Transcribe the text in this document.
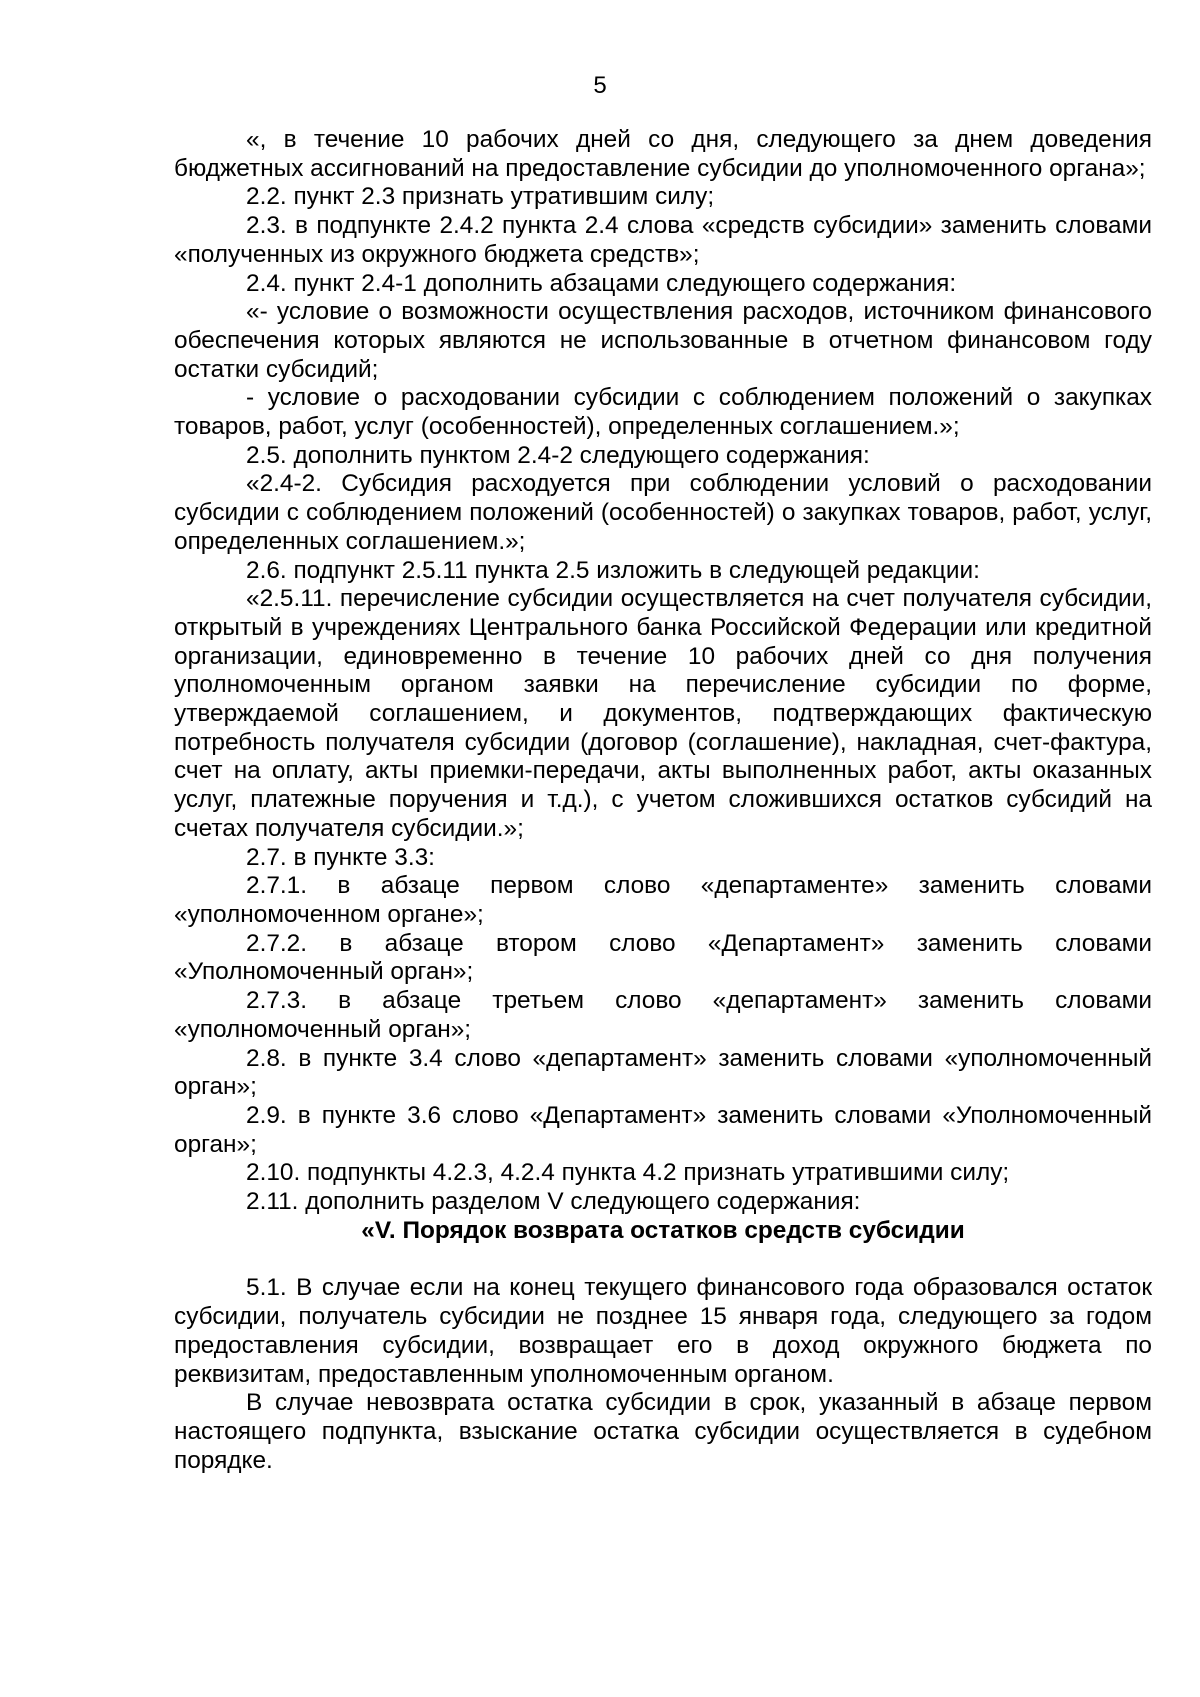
5

«, в течение 10 рабочих дней со дня, следующего за днем доведения бюджетных ассигнований на предоставление субсидии до уполномоченного органа»;

2.2. пункт 2.3 признать утратившим силу;

2.3. в подпункте 2.4.2 пункта 2.4 слова «средств субсидии» заменить словами «полученных из окружного бюджета средств»;

2.4. пункт 2.4-1 дополнить абзацами следующего содержания:

«- условие о возможности осуществления расходов, источником финансового обеспечения которых являются не использованные в отчетном финансовом году остатки субсидий;

- условие о расходовании субсидии с соблюдением положений о закупках товаров, работ, услуг (особенностей), определенных соглашением.»;

2.5. дополнить пунктом 2.4-2 следующего содержания:

«2.4-2. Субсидия расходуется при соблюдении условий о расходовании субсидии с соблюдением положений (особенностей) о закупках товаров, работ, услуг, определенных соглашением.»;

2.6. подпункт 2.5.11 пункта 2.5 изложить в следующей редакции:

«2.5.11. перечисление субсидии осуществляется на счет получателя субсидии, открытый в учреждениях Центрального банка Российской Федерации или кредитной организации, единовременно в течение 10 рабочих дней со дня получения уполномоченным органом заявки на перечисление субсидии по форме, утверждаемой соглашением, и документов, подтверждающих фактическую потребность получателя субсидии (договор (соглашение), накладная, счет-фактура, счет на оплату, акты приемки-передачи, акты выполненных работ, акты оказанных услуг, платежные поручения и т.д.), с учетом сложившихся остатков субсидий на счетах получателя субсидии.»;

2.7. в пункте 3.3:

2.7.1. в абзаце первом слово «департаменте» заменить словами «уполномоченном органе»;

2.7.2. в абзаце втором слово «Департамент» заменить словами «Уполномоченный орган»;

2.7.3. в абзаце третьем слово «департамент» заменить словами «уполномоченный орган»;

2.8. в пункте 3.4 слово «департамент» заменить словами «уполномоченный орган»;

2.9. в пункте 3.6 слово «Департамент» заменить словами «Уполномоченный орган»;

2.10. подпункты 4.2.3, 4.2.4 пункта 4.2 признать утратившими силу;

2.11. дополнить разделом V следующего содержания:

«V. Порядок возврата остатков средств субсидии

5.1. В случае если на конец текущего финансового года образовался остаток субсидии, получатель субсидии не позднее 15 января года, следующего за годом предоставления субсидии, возвращает его в доход окружного бюджета по реквизитам, предоставленным уполномоченным органом.

В случае невозврата остатка субсидии в срок, указанный в абзаце первом настоящего подпункта, взыскание остатка субсидии осуществляется в судебном порядке.
